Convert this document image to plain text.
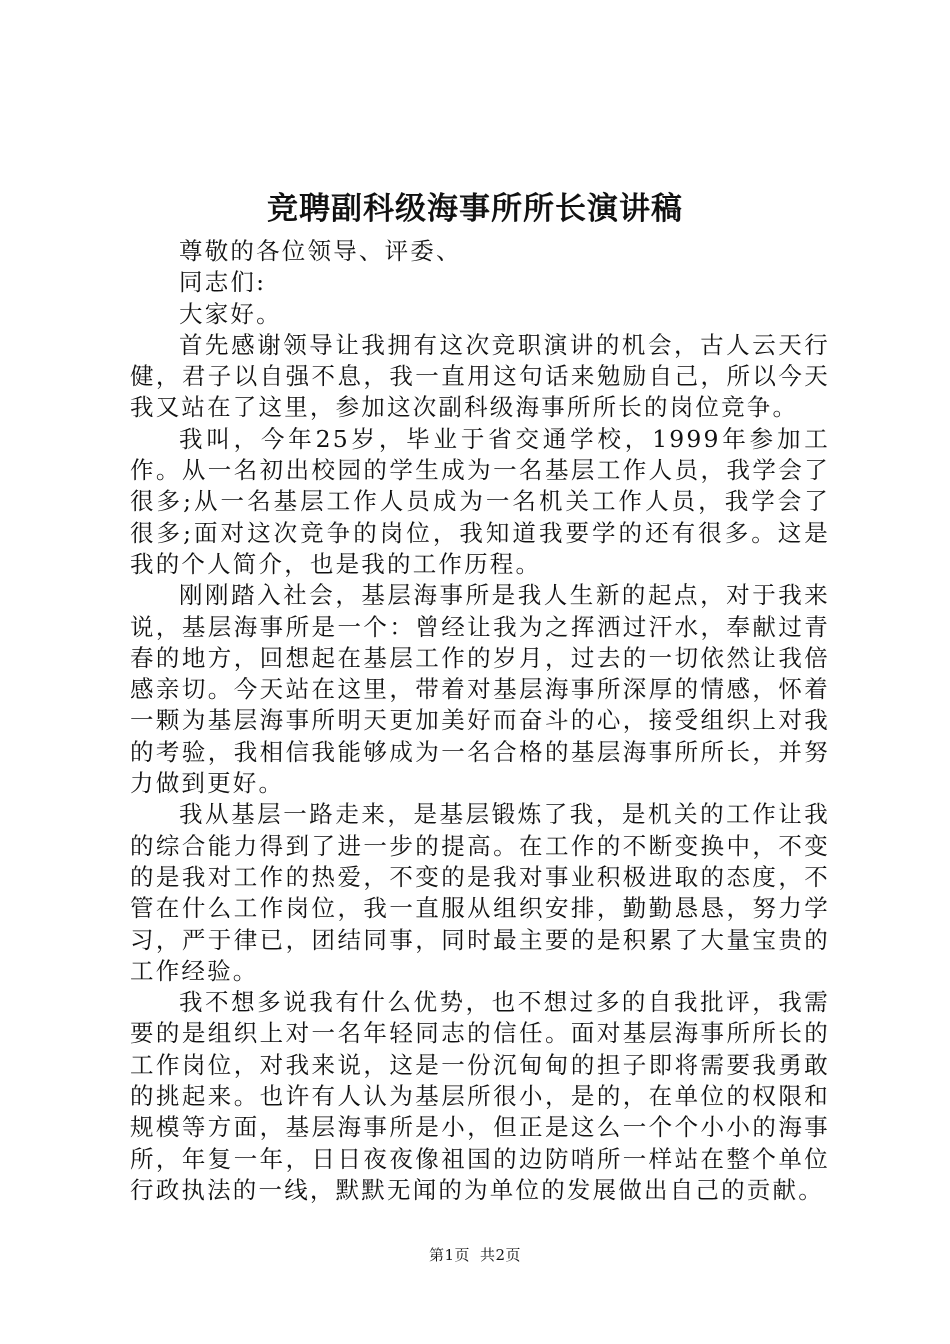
竞聘副科级海事所所长演讲稿

尊敬的各位领导、评委、

同志们:

大家好。

首先感谢领导让我拥有这次竞职演讲的机会，古人云天行健，君子以自强不息，我一直用这句话来勉励自己，所以今天我又站在了这里，参加这次副科级海事所所长的岗位竞争。

我叫，今年25岁，毕业于省交通学校，1999年参加工作。从一名初出校园的学生成为一名基层工作人员，我学会了很多;从一名基层工作人员成为一名机关工作人员，我学会了很多;面对这次竞争的岗位，我知道我要学的还有很多。这是我的个人简介，也是我的工作历程。

刚刚踏入社会，基层海事所是我人生新的起点，对于我来说，基层海事所是一个：曾经让我为之挥洒过汗水，奉献过青春的地方，回想起在基层工作的岁月，过去的一切依然让我倍感亲切。今天站在这里，带着对基层海事所深厚的情感，怀着一颗为基层海事所明天更加美好而奋斗的心，接受组织上对我的考验，我相信我能够成为一名合格的基层海事所所长，并努力做到更好。

我从基层一路走来，是基层锻炼了我，是机关的工作让我的综合能力得到了进一步的提高。在工作的不断变换中，不变的是我对工作的热爱，不变的是我对事业积极进取的态度，不管在什么工作岗位，我一直服从组织安排，勤勤恳恳，努力学习，严于律已，团结同事，同时最主要的是积累了大量宝贵的工作经验。

我不想多说我有什么优势，也不想过多的自我批评，我需要的是组织上对一名年轻同志的信任。面对基层海事所所长的工作岗位，对我来说，这是一份沉甸甸的担子即将需要我勇敢的挑起来。也许有人认为基层所很小，是的，在单位的权限和规模等方面，基层海事所是小，但正是这么一个个小小的海事所，年复一年，日日夜夜像祖国的边防哨所一样站在整个单位行政执法的一线，默默无闻的为单位的发展做出自己的贡献。

第1页 共2页
